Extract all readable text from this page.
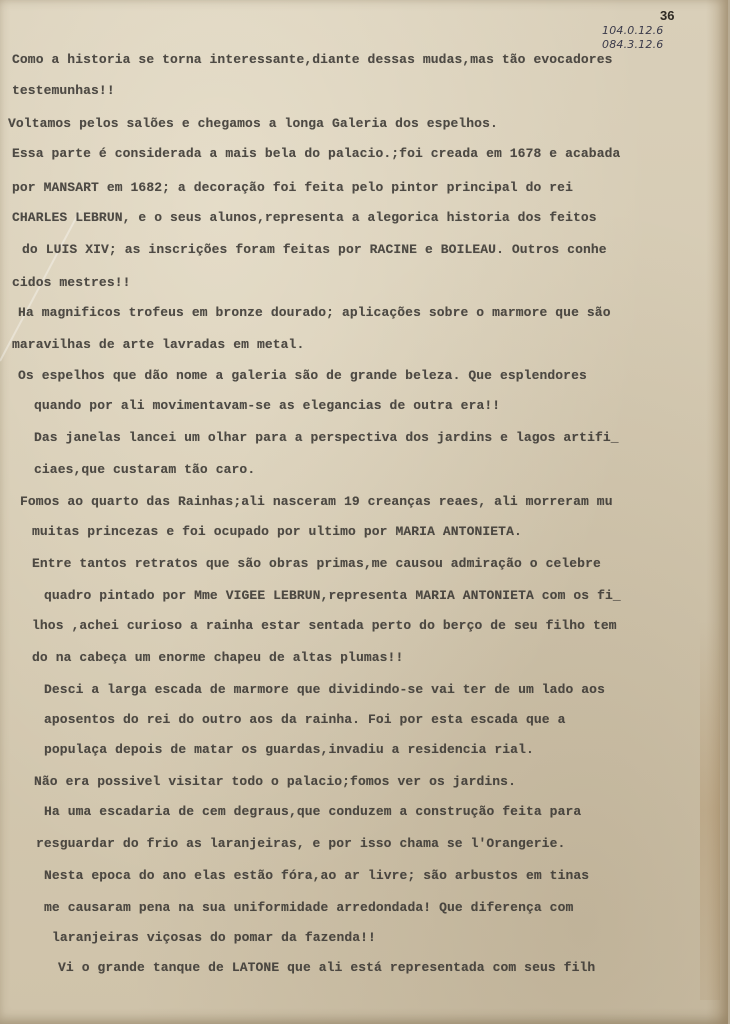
36
104.0.12.6
084.3.12.6
Como a historia se torna interessante,diante dessas mudas,mas tão evocadores
testemunhas!!
Voltamos pelos salões e chegamos a longa Galeria dos espelhos.
Essa parte é considerada a mais bela do palacio.;foi creada em 1678 e acabada
por MANSART em 1682; a decoração foi feita pelo pintor principal do rei
CHARLES LEBRUN, e o seus alunos,representa a alegorica historia dos feitos
do LUIS XIV; as inscrições foram feitas por RACINE e BOILEAU. Outros conhe
cidos mestres!!
Ha magnificos trofeus em bronze dourado; aplicações sobre o marmore que são
maravilhas de arte lavradas em metal.
Os espelhos que dão nome a galeria são de grande beleza. Que esplendores
quando por ali movimentavam-se as elegancias de outra era!!
Das janelas lancei um olhar para a perspectiva dos jardins e lagos artifi_
ciaes,que custaram tão caro.
Fomos ao quarto das Rainhas;ali nasceram 19 creanças reaes, ali morreram mu
muitas princezas e foi ocupado por ultimo por MARIA ANTONIETA.
Entre tantos retratos que são obras primas,me causou admiração o celebre
quadro pintado por Mme VIGEE LEBRUN,representa MARIA ANTONIETA com os fi_
lhos ,achei curioso a rainha estar sentada perto do berço de seu filho tem
do na cabeça um enorme chapeu de altas plumas!!
Desci a larga escada de marmore que dividindo-se vai ter de um lado aos
aposentos do rei do outro aos da rainha. Foi por esta escada que a
populaça depois de matar os guardas,invadiu a residencia rial.
Não era possivel visitar todo o palacio;fomos ver os jardins.
Ha uma escadaria de cem degraus,que conduzem a construção feita para
resguardar do frio as laranjeiras, e por isso chama se l'Orangerie.
Nesta epoca do ano elas estão fóra,ao ar livre; são arbustos em tinas
me causaram pena na sua uniformidade arredondada! Que diferença com
laranjeiras viçosas do pomar da fazenda!!
Vi o grande tanque de LATONE que ali está representada com seus filh
